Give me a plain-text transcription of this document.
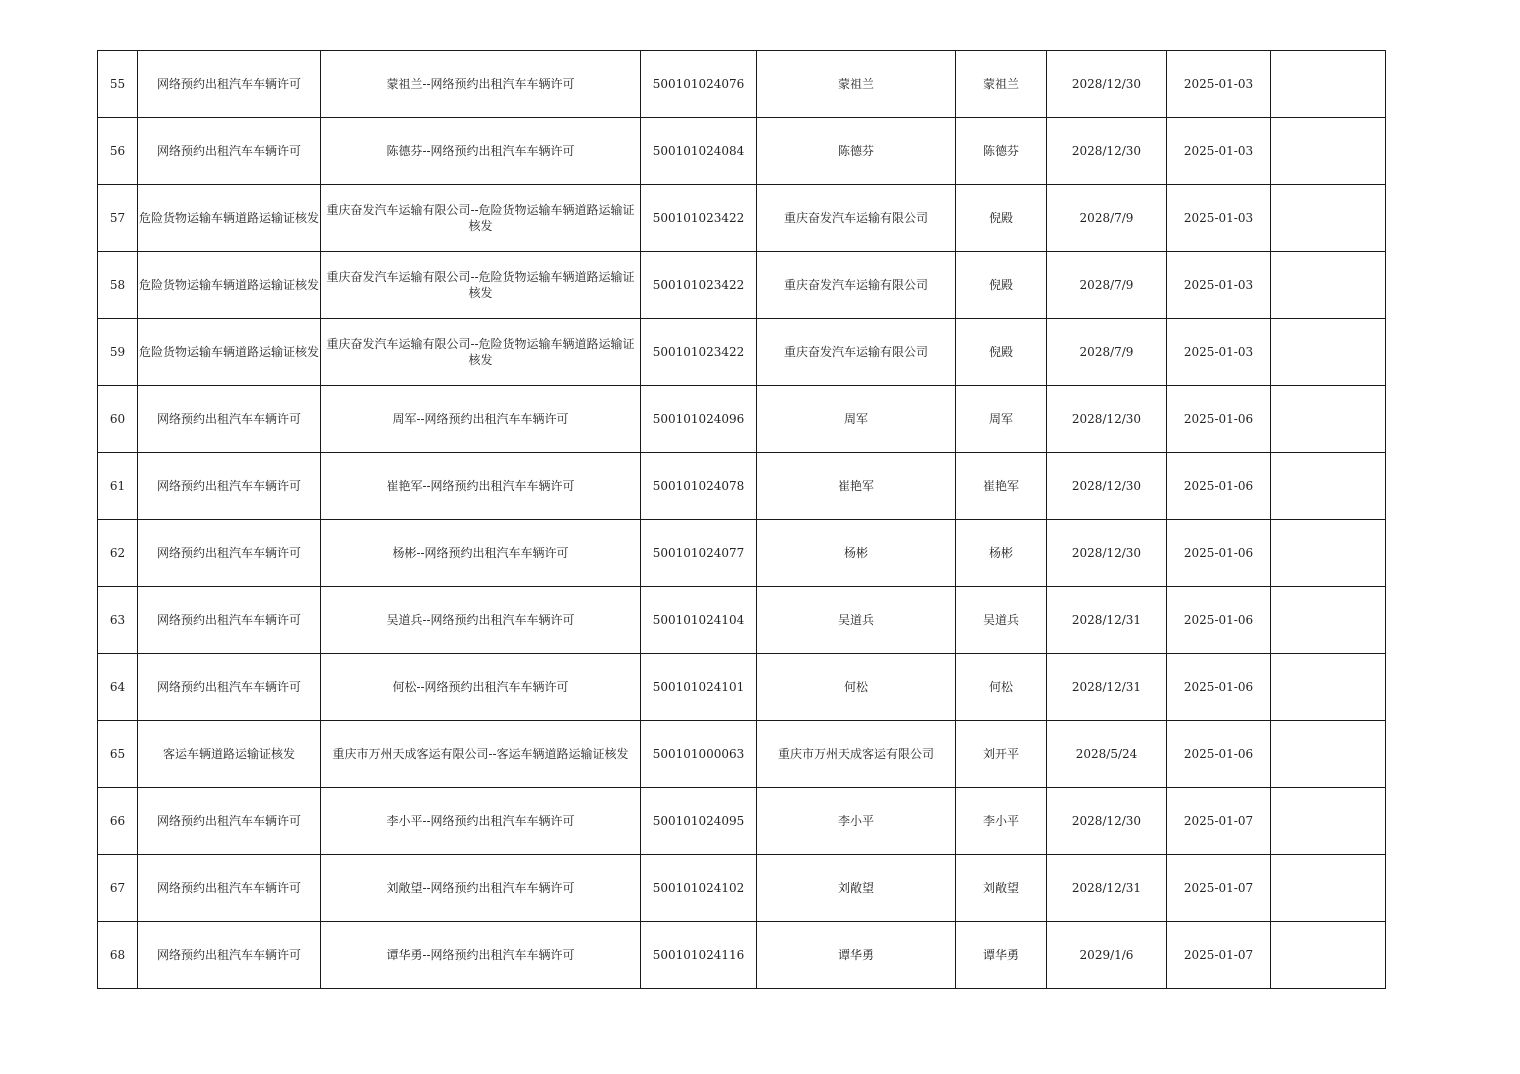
55	网络预约出租汽车车辆许可	蒙祖兰--网络预约出租汽车车辆许可	500101024076	蒙祖兰	蒙祖兰	2028/12/30	2025-01-03	
56	网络预约出租汽车车辆许可	陈德芬--网络预约出租汽车车辆许可	500101024084	陈德芬	陈德芬	2028/12/30	2025-01-03	
57	危险货物运输车辆道路运输证核发	重庆奋发汽车运输有限公司--危险货物运输车辆道路运输证核发	500101023422	重庆奋发汽车运输有限公司	倪殿	2028/7/9	2025-01-03	
58	危险货物运输车辆道路运输证核发	重庆奋发汽车运输有限公司--危险货物运输车辆道路运输证核发	500101023422	重庆奋发汽车运输有限公司	倪殿	2028/7/9	2025-01-03	
59	危险货物运输车辆道路运输证核发	重庆奋发汽车运输有限公司--危险货物运输车辆道路运输证核发	500101023422	重庆奋发汽车运输有限公司	倪殿	2028/7/9	2025-01-03	
60	网络预约出租汽车车辆许可	周军--网络预约出租汽车车辆许可	500101024096	周军	周军	2028/12/30	2025-01-06	
61	网络预约出租汽车车辆许可	崔艳军--网络预约出租汽车车辆许可	500101024078	崔艳军	崔艳军	2028/12/30	2025-01-06	
62	网络预约出租汽车车辆许可	杨彬--网络预约出租汽车车辆许可	500101024077	杨彬	杨彬	2028/12/30	2025-01-06	
63	网络预约出租汽车车辆许可	吴道兵--网络预约出租汽车车辆许可	500101024104	吴道兵	吴道兵	2028/12/31	2025-01-06	
64	网络预约出租汽车车辆许可	何松--网络预约出租汽车车辆许可	500101024101	何松	何松	2028/12/31	2025-01-06	
65	客运车辆道路运输证核发	重庆市万州天成客运有限公司--客运车辆道路运输证核发	500101000063	重庆市万州天成客运有限公司	刘开平	2028/5/24	2025-01-06	
66	网络预约出租汽车车辆许可	李小平--网络预约出租汽车车辆许可	500101024095	李小平	李小平	2028/12/30	2025-01-07	
67	网络预约出租汽车车辆许可	刘敞望--网络预约出租汽车车辆许可	500101024102	刘敞望	刘敞望	2028/12/31	2025-01-07	
68	网络预约出租汽车车辆许可	谭华勇--网络预约出租汽车车辆许可	500101024116	谭华勇	谭华勇	2029/1/6	2025-01-07	
